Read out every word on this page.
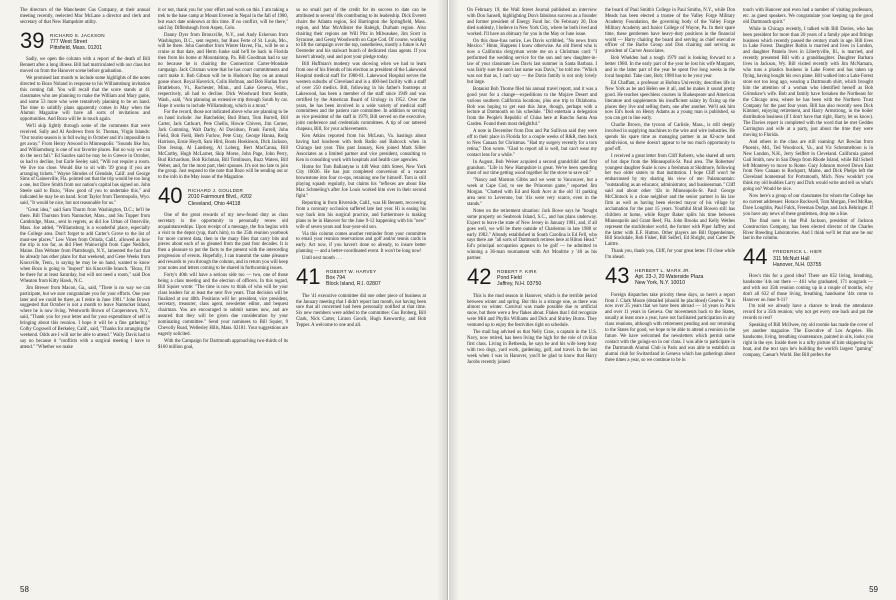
The directors of the Manchester Gas Company, at their annual meeting recently, reelected Mac McLane a director and clerk and secretary of that New Hampshire utility.

39	RICHARD S. JACKSON
777 West Street
Pittsfield, Mass. 01201

Sadly, we open the column with a report of the death of Bill Bennett after a long illness. Bill had matriculated with our class but moved on from the Hanover scene before graduation.

We promised last month to include some highlights of the notes directed to Bozo Noland in response to his Williamsburg invitation this coming fall. You will recall that the score stands at 41 classmates who are planning to make the William and Mary game, and some 53 more who were tentatively planning to be on hand. The time to solidify plans apparently comes in May when the Alumni Magazine will have all sorts of invitations and opportunities. And Bozo will be in touch again.

We'll skip lightly through some of the comments that were received. Sally and Al Andrews from St. Thomas, Virgin Islands: "Our tourist season is in full swing in October and it's impossible to get away." From Henry Atwood in Minneapolis: "Sounds like fun, and Williamsburg is one of our favorite places. But no way we can do the next fall." Ed Saurles said he may be in Greece in October, so had to decline, but Earle Seeley said, "Will not require a room. We live too close. Would like to sit with '39 group if you are arranging tickets." Wayne Shrodes of Glendale, Calif. and George Sims of Gainesville, Fla. pointed out that the trip would be too long a one, but Dave Smith from our nation's capital has signed on. John Steele said to Bozo, "How good of you to undertake this," and indicated he may be on hand. Scott Taylor from Thermopolis, Wyo. said, "It would be nice, but not reasonable for us."

"Great idea," said Sam Thurm from Washington, D.C.; he'll be there. Bill Thurston from Nantucket, Mass., and Stu Tupper from Cambridge, Mass., sent in regrets, as did Joe Urban of Osterville, Mass. Joe added, "Williamsburg is a wonderful place, especially the College area. Don't forget to add Carter's Grove to the list of must-see places." Lew Vines from Orinda, Calif., allowed as how the trip is too far, as did Fleet Wainwright from Cape Neddick, Maine. Dan Webster from Plattsburgh, N.Y., lamented the fact that he already has other plans for that weekend, and Gene Weeks from Knoxville, Tenn., is saying he may be on hand, wanted to know when Bozo is going to "inspect" his Knoxville branch. "Bozo, I'll be there for at least Saturday, but will not need a room," said Don Wheaton from Kitty Hawk, N.C.

Jim Brewer from Macon, Ga., said, "There is no way we can participate, but we sure congratulate you for your efforts. One year later and we could be there, as I retire in June 1981." John Brown suggested that October is not a month to leave Nantucket Island, where he is now living. Wentworth Brown of Cooperstown, N.Y., said, "Thank you for your letter and for your expenditure of self in bringing about this reunion. I hope it will be a fine gathering." Colby Cogswell of Berkeley, Calif., said, "Thanks for arranging the weekend. Odds are I will not be able to attend." Wally Davis had to say no because it "conflicts with a surgical meeting I have to attend." "Whether we make

it or not, thank you for your effort and work on this. I am taking a trek to the base camp at Mount Everest in Nepal in the fall of 1980, but exact date unknown at this time. If no conflict, will be there," said Jay Diffenbaugh from Aspen, Colo.

Danny Dyer from Bronxville, N.Y., and Andy Eckerson from Washington, D.C., sent regrets, but Russ Ferte of St. Louis, Mo., will be there. John Guenther from Winter Haven, Fla., will be on a cruise at that date, and Herm Junke said he'll be back in Florida then from his home at Mountaintop, Pa. Bill Goodman had to say no because he is chairing the Connecticut Carter-Mondale campaign. Jack Crisman wrote that he has court commitments and can't make it. Bob Gibson will be in Hudson's Bay on an annual goose shoot. Royal Haverick, Colin Hofman, and Bob Harlan from Brattleboro, Vt., Rochester, Minn., and Lake Geneva, Wisc., respectively, all had to decline. Dick Woodward from Seattle, Wash., said, "Am planning an extensive trip through South by car. Hope it works to include Williamsburg, which is a must."

For the record, those not indicated above who are planning to be on hand include: Joe Batchelder, Bud Blunt, Tom Burrell, Bill Carter, Jack Cathcart, Pete Chellis, Howie Chivers, Jim Corner, Jack Cumming, Walt Darby, Al Davidson, Frank Farrell, John Field, Bob Field, Herb Furlow, Pete Gray, George Hanna, Rodg Harrison, Ernie Heydt, Sam Hird, Boots Hoskinson, Dick Jackson, Don Jessup, Al Lansberg, Al Loberg, Bert MacCanna, Bill McCarthy, Hugh McLarnet, Skip Morse, John Page, John Perry, Bud Richardson, Bob Richman, Bill Tomlinson, Buzz Waters, Bill Weber, and, for the most part, their spouses. It's not too late to join the group. Just respond to the note that Bozo will be sending out or to the info in the May issue of the Magazine.

40	RICHARD J. GOULDER
2010 Fairmount Blvd., #202
Cleveland, Ohio 44118

One of the great rewards of my new-found duty as class secretary is the opportunity to personally renew old acquaintanceships. Upon receipt of a message, the fun begins with a visit to the depot (yup, that's him), to the 25th reunion yearbook for more current data, then to the many files that carry bits and pieces about each of us gleaned from the past four decades. It is then a pleasure to put the facts to the present with the interceding progression of events. Hopefully, I can transmit the same pleasure and rewards to you through the column, and in return you will keep your notes and letters coming to be shared in forthcoming issues.

Forty's 40th will have a serious side too — two, one of those being a class meeting and the election of officers. In this regard, Bill Squier wrote: "The time is now to think of who will be your class leaders for at least the next five years. That decision will be finalized at our 40th. Positions will be: president, vice president, secretary, treasurer, class agent, newsletter editor, and bequest chairman. You are encouraged to submit names now, and are assured that they will be given due consideration by your nominating committee." Send your nominees to Bill Squier, 9 Chevolly Road, Wellesley Hills, Mass. 02181. Your suggestions are eagerly solicited.

With the Campaign for Dartmouth approaching two-thirds of its $160 million goal,

so no small part of the credit for its success to date can be attributed to several '40s contributing to its leadership. Dick Everett chairs the Atlanta region, Sol Harrington the Springfield, Mass. region, and Mac McAllister the Raleigh, Durham region. Also chairing their regions are Will Pitz in Milwaukee, Jim Scott in Syracuse, and Georg Woodworth on Cape Cod. Of course, working to lift the campaign over the top, nonetheless, mostly a future is Art Oestreder and his stalwart bunch of dedicated class agents. If you haven't already, seal and post your pledge today.

Bill Huffman's modesty was showing when we had to learn from one of his friends of his election as president of the Lakewood Hospital medical staff for 1980-81. Lakewood Hospital serves the western suburbs of Cleveland and is a 400-bed facility with a staff of over 250 medics. Bill, following in his father's footsteps at Lakewood, has been a member of the staff since 1949 and was certified by the American Board of Urology in 1952. Over the years, he has been involved in a wide variety of medical staff committees and the patient care committee. In addition to serving as vice president of the staff in 1979, Bill served on the executive, joint conference and credentials committees. A tip of our tattered chapeau, Bill, for your achievements.

Ken Atkins reported from his McLean, Va. hastings about having had luncheon with both Radio and Babcock when in Chicago last year. This past January, Ken joined Mark Silber Associates as a limited partner and vice president, consulting to Ken in consulting work with hospitals and health care agencies.

Home for Tom Ballantyne is 440 West 44th Street, New York City 10036. He has just completed conversion of a vacant brownstone into four co-ops, retaining one for himself. Tom is still playing squash regularly, but claims his "reflexes are about like Max Schmeling's after Joe Louis worked him over in their second fight."

Reporting in from Riverside, Calif., was Hi Bennett, recovering from a coronary occlusion suffered late last year. Hi is easing his way back into his surgical practice, and furthermore is making plans to be in Hanover for the June 9-12 happening with his "new" wife of seven years and four-year-old son.

Via this column comes another reminder from your committee to email your reunion reservations and golf and/or tennis cards in early. Act now, if you haven't done so already, to insure better planning — and a better-coordinated event. It won't be long now!

Until next month . . .

41	ROBERT W. HARVEY
Box 794
Block Island, R.I. 02807

The '41 executive committee did one other piece of business at the January meeting that I didn't report last month, not having been sure that all concerned had been personally notified at that time. Six new members were added to the committee: Gus Broberg, Bill Clark, Nick Carter, Linton Gooch, Hugh Kenworthy, and Bob Tepper. A welcome to one and all.

58

On February 19, the Wall Street Journal published an interview with Don Sansell, highlighting Don's fabulous success as a founder and former president of Energy Fund Inc. On February 20, Don died suddenly, I believe in New York City, where he both lived and worked. I'll have an obituary for you in the May or June issue.

On this dose-fuss notice, Les Davis scribbled, "No news from Mexico." Hmm, Happens I know otherwise. An old friend who is now a California clergyman wrote me on a Christmas card: "I performed the wedding service for the son and new daughter-in-law of your classmate Les Davis last summer in Santa Barbara. I was fairly sure the son's last name was Davis," he told me. "Which was not that as, I can't say — the Davis family is not only lovely but large.

Botanist Bob Thorne filed his annual travel report, and it was a good year for a change—expeditions to the Mojave Desert and various southern California locations, plus one trip to Oklahoma. Bob was hoping to get east this June, though, perhaps with a lecture at Dartmouth on his schedule. "Did entertain a delegation from the People's Republic of China here at Rancho Santa Ana Garden. Found them most delightful."

A note in December from Don and Pat Sullivan said they were off to their place in Florida for a couple weeks of R&R, then back to New Canaan for Christmas. "Had my surgery recently for a torn retina," Don wrote. "Glad to report all is well, but can't wear my contact lens for a while."

In August, Bob Weiser acquired a second grandchild and first grandson. "Life in New Hampshire is great. We've been spending most of our time getting wood together for the stove to save oil."

"Nancy and Marston Gibbs and we went to Vancouver, but a week at Cape Cod, to see the Princeton game," reported Jim Morgan. "Chatted with Ed and Ruth Acer at the old '41 parking area next to Leverone, but '41s were very scarce, even in the stands."

Notes on the retirement situation: Jack Bowe says he "bought some property on Seabrook Island, S.C., and has plans underway. Expect to leave the state of New Jersey in January 1981, and, if all goes well, we will be there outside of Charleston in late 1980 or early 1982." Already established in South Carolina is Ed Fell, who says there are "all sorts of Dartmouth retirees here at Hilton Head." Ed's principal occupation appears to be golf — he admitted to winning a 36-man tournament with Art Moultrie y '40 as his partner.

42	ROBERT F. KIRK
Pond Field
Jaffrey, N.H. 03750

This is the mud season in Hanover, which is the terrible period between winter and spring. But this is a strange one, as there was almost no winter. Carnival was made possible due to artificial snow, but there were a few flakes about. Flakes that I did recognize were Milt and Phyllis Williams and Dick and Shirley Burns. They ventured up to enjoy the festivities right on schedule.

The mail bag advised us that Nelly Craw, a captain in the U.S. Navy, now retired, has been living the high for the role of civilian first class. Living in Bethesda, he says he and his wife keep busy with two dogs, yard work, gardening, golf, and travel. In the last week when I was in Hanover, you'll be glad to know that Harry Jacobs recently joined

the board of Paul Smith's College in Paul Smiths, N.Y., while Don Meads has been elected a trustee of the Valley Forge Military Academy Foundation, the governing body of the Valley Forge Military Academy and Junior College of Wayne, Pa. In their spare time, these gentlemen have heavy-duty positions in the financial world — Harry chairing the board and serving as chief executive officer of the Bache Group and Don chairing and serving as president of Carver Associates.

Bob Whelden had a tough 1979 and is looking forward to a better 1980. In the early part of the year he lost his wife Margaret, and in the latter part of the year he spent five long weeks in the local hospital. Take care, Bob; 1980 has to be your year.

Ed Chaffant, a professor at Hofstra University, describes life in New York as he and Helen see it all, and he makes it sound pretty good. He teaches speechless courses in Shakespeare and American literature and supplements his insufficient salary by fixing up the places they live and selling them, one after another. We'll ask him now Ed's book on Henry Adams as a young man is published, so you can get in line early.

Charlie Brown, the tycoon of Carlisle, Mass., is still deeply involved in supplying machines to the wire and wire industries. He spends his spare time as managing partner in an 82-acre land subdivision, so there doesn't appear to be too much opportunity to goof off.

I received a great letter from Cliff Roberts, who shared all sorts of hot dope from the Minneapolis-St. Paul area. The Robertses' youngest daughter Suzie is now a freshman at Skidmore, following her two older sisters to that institution. I hope Cliff won't be embarrassed by my sharing his view of me: Palamountain: "outstanding as an educator, administrator, and businessman." Cliff said and about other '42s in Minneapolis-St. Paul: George McClintock is a close neighbor and the senior partner in his law firm as well as having been elected mayor of his village by acclamation for the past 15 years. Youthful Brad Bowen still has children at home, while Roger Baker splits his time between Minneapolis and Grant Reef, Fla. John Brooks and Kelly Wethes represent the stockbroker world, the former with Piper Jaffrey and the latter with E.F. Hutton. Other players are Bill Oppenheimer, Bill Stockdale, Bob Fisher, Bill Seiferl, Ed Shright, and Carter De Laittre.

Thank you, thank you, Cliff, for your great letter. I'll close while I'm ahead.

43	HERBERT L. MARX JR.
Apt. 23-J, 20 Waterside Plaza
New York, N.Y. 10010

Foreign dispatches take priority these days, so here's a report from J. Clark Moore (detailed (should be placidoed) Genève. "It is now over 25 years that we have been abroad — 14 years in Paris and over 11 years in Geneva. Our movements back to the States, usually at least once a year, have not facilitated participation in any class reunions, although with retirement pending and our returning to the States for good, we hope to be able to attend a reunion in the future. We have welcomed the newsletters which permit some contact with the goings-on in our class. I was able to participate in the Dartmouth Alumni Club in Paris and was able to establish an alumni club for Switzerland in Geneva which has gatherings about three times a year, so we continue to be in

touch with Hanover and even had a number of visiting professors, etc. as guest speakers. We congratulate your keeping up the good old Dartmouth spirit."

While in Chicago recently, I talked with Bill Davies, who has been president for more than 20 years of a family pipe and fittings business which recently passed the century mark in age. Bill lives in Lake Forest. Daughter Robin is married and lives in London, and daughter Pamela lives in Libertyville, Ill., is married, and recently presented Bill with a granddaughter. Daughter Barbara lives in Jackson, Wy. Bill visited recently with Jim McNamara, who runs a plastics business in Lake Forest and has taken up flying, having bought his own plane. Bill walked into a Lake Forest store not too long ago, wearing a Dartmouth shirt, which brought him the attention of a woman who identified herself as Bob Grimshaw's wife. Bob and family have forsaken the Northeast for the Chicago area, where he has been with the Northern Trust Company for the past four years. Bill has also recently seen Dick Kimmel, enjoying retirement, and Harry Armstrong, in the boiler distribution business (if I don't have that right, Harry, let us know). The Davies report is completed with the word that he met Geddes Carrington and wife at a party, just about the time they were moving to Florida.

And others in the class are still roaming: Art Bowlan from Phoenix, Md., Ted Woodcock, Va., and Vic Schenmeltoon is in New London, N.H., Jerry Seiffert in Cleveland. California gained Gail Smith, now in San Diego from Rhode Island, while Bill Schell left Monterey to move to Rome. Gary Johnson moved Down East from New Canaan to Rockport, Maine, and Dick Phelps left the Cleveland homestead for Portsmouth, Mich. Now wouldn't you think my old buddies Larry and Dick would write and tell us what's going on? Would be nice.

Now here's a group of our classmates for whom the College has no current addresses: Horace Rockwell, Tom Morgan, Fred McRae, Dave Loughlin, Paul Falck, Freeman Dodge, and Jack Behringer. If you have any news of these gentlemen, drop me a line.

The final note is that Phil Jackson, president of Jackson Construction Company, has been elected director of the Charles River Breeding Laboratories. And I think we'll let that one be our last in the column.

44	FREDERICK L. HIER
311 McNutt Hall
Hanover, N.H. 03755

How's this for a good idea? There are 632 living, breathing, handsome '44s out there — 461 who graduated, 171 nongrads — and with our 35th reunion coming up in a couple of months, why don't all 632 of those living, breathing, handsome '44s come to Hanover on June 9-11?

I'm told we already have a chance to break the attendance record for a 35th reunion; why not get every one back and put the records to rest?

Speaking of Bill McIlwee, my old roomie has made the cover of yet another magazine. The Executive of Los Angeles. His handsome, living, breathing countenance, painted in oils, looks you right in the eye. Inside there is a nifty picture of him skippering his boat, and the text says he's building the world's largest "gaming" company, Caesar's World. But Bill prefers the

59
